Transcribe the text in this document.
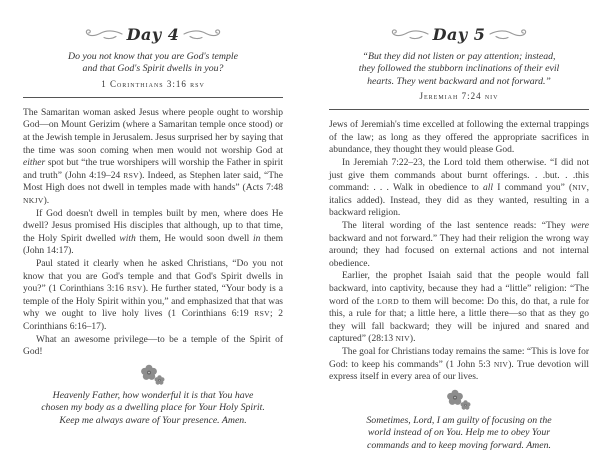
Day 4
Do you not know that you are God's temple
and that God's Spirit dwells in you?
1 Corinthians 3:16 rsv

The Samaritan woman asked Jesus where people ought to worship God—on Mount Gerizim (where a Samaritan temple once stood) or at the Jewish temple in Jerusalem. Jesus surprised her by saying that the time was soon coming when men would not worship God at either spot but “the true worshipers will worship the Father in spirit and truth” (John 4:19–24 RSV). Indeed, as Stephen later said, “The Most High does not dwell in temples made with hands” (Acts 7:48 NKJV).

If God doesn't dwell in temples built by men, where does He dwell? Jesus promised His disciples that although, up to that time, the Holy Spirit dwelled with them, He would soon dwell in them (John 14:17).

Paul stated it clearly when he asked Christians, “Do you not know that you are God's temple and that God's Spirit dwells in you?” (1 Corinthians 3:16 RSV). He further stated, “Your body is a temple of the Holy Spirit within you,” and emphasized that that was why we ought to live holy lives (1 Corinthians 6:19 RSV; 2 Corinthians 6:16–17).

What an awesome privilege—to be a temple of the Spirit of God!

Heavenly Father, how wonderful it is that You have
chosen my body as a dwelling place for Your Holy Spirit.
Keep me always aware of Your presence. Amen.
Day 5
“But they did not listen or pay attention; instead,
they followed the stubborn inclinations of their evil
hearts. They went backward and not forward.”
Jeremiah 7:24 niv

Jews of Jeremiah's time excelled at following the external trappings of the law; as long as they offered the appropriate sacrifices in abundance, they thought they would please God.

In Jeremiah 7:22–23, the Lord told them otherwise. “I did not just give them commands about burnt offerings. . .but. . .this command: . . . Walk in obedience to all I command you” (NIV, italics added). Instead, they did as they wanted, resulting in a backward religion.

The literal wording of the last sentence reads: “They were backward and not forward.” They had their religion the wrong way around; they had focused on external actions and not internal obedience.

Earlier, the prophet Isaiah said that the people would fall backward, into captivity, because they had a “little” religion: “The word of the LORD to them will become: Do this, do that, a rule for this, a rule for that; a little here, a little there—so that as they go they will fall backward; they will be injured and snared and captured” (28:13 NIV).

The goal for Christians today remains the same: “This is love for God: to keep his commands” (1 John 5:3 NIV). True devotion will express itself in every area of our lives.

Sometimes, Lord, I am guilty of focusing on the
world instead of on You. Help me to obey Your
commands and to keep moving forward. Amen.
